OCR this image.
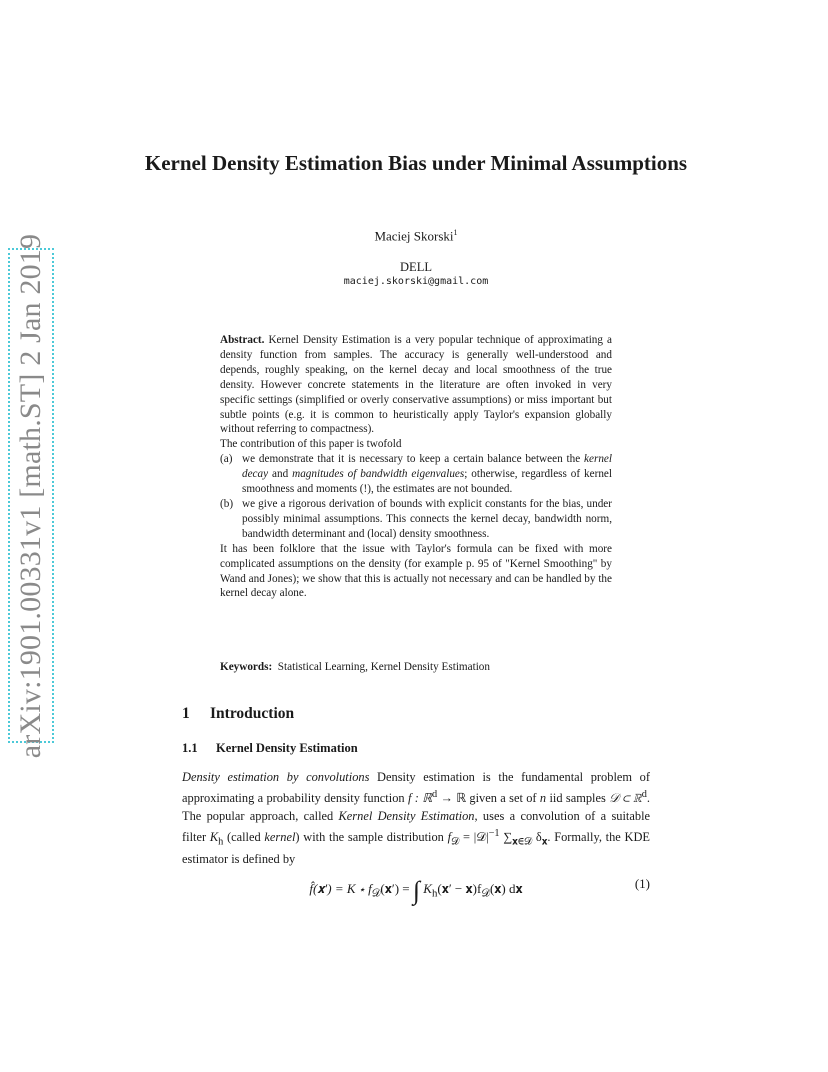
arXiv:1901.00331v1 [math.ST] 2 Jan 2019
Kernel Density Estimation Bias under Minimal Assumptions
Maciej Skorski$^1$
DELL
maciej.skorski@gmail.com

Abstract. Kernel Density Estimation is a very popular technique of approximating a density function from samples. The accuracy is generally well-understood and depends, roughly speaking, on the kernel decay and local smoothness of the true density. However concrete statements in the literature are often invoked in very specific settings (simplified or overly conservative assumptions) or miss important but subtle points (e.g. it is common to heuristically apply Taylor's expansion globally without referring to compactness).

The contribution of this paper is twofold

(a) we demonstrate that it is necessary to keep a certain balance between the kernel decay and magnitudes of bandwidth eigenvalues; otherwise, regardless of kernel smoothness and moments (!), the estimates are not bounded.
(b) we give a rigorous derivation of bounds with explicit constants for the bias, under possibly minimal assumptions. This connects the kernel decay, bandwidth norm, bandwidth determinant and (local) density smoothness.

It has been folklore that the issue with Taylor's formula can be fixed with more complicated assumptions on the density (for example p. 95 of "Kernel Smoothing" by Wand and Jones); we show that this is actually not necessary and can be handled by the kernel decay alone.

Keywords: Statistical Learning, Kernel Density Estimation
1 Introduction
1.1 Kernel Density Estimation

Density estimation by convolutions Density estimation is the fundamental problem of approximating a probability density function f : ℝ$^d$ → ℝ given a set of n iid samples 𝒟 ⊂ ℝ$^d$. The popular approach, called Kernel Density Estimation, uses a convolution of a suitable filter $K_h$ (called kernel) with the sample distribution $f_𝒟$ = $|𝒟|^{-1}$ $\sum_{𝐱\in 𝒟}$ $\delta_𝐱$. Formally, the KDE estimator is defined by

f̂(𝐱′) = K ⋆ $f_𝒟(𝐱')$ = ∫ $K_h(𝐱'$ − $𝐱)f_𝒟(𝐱)$ d𝐱	(1)
